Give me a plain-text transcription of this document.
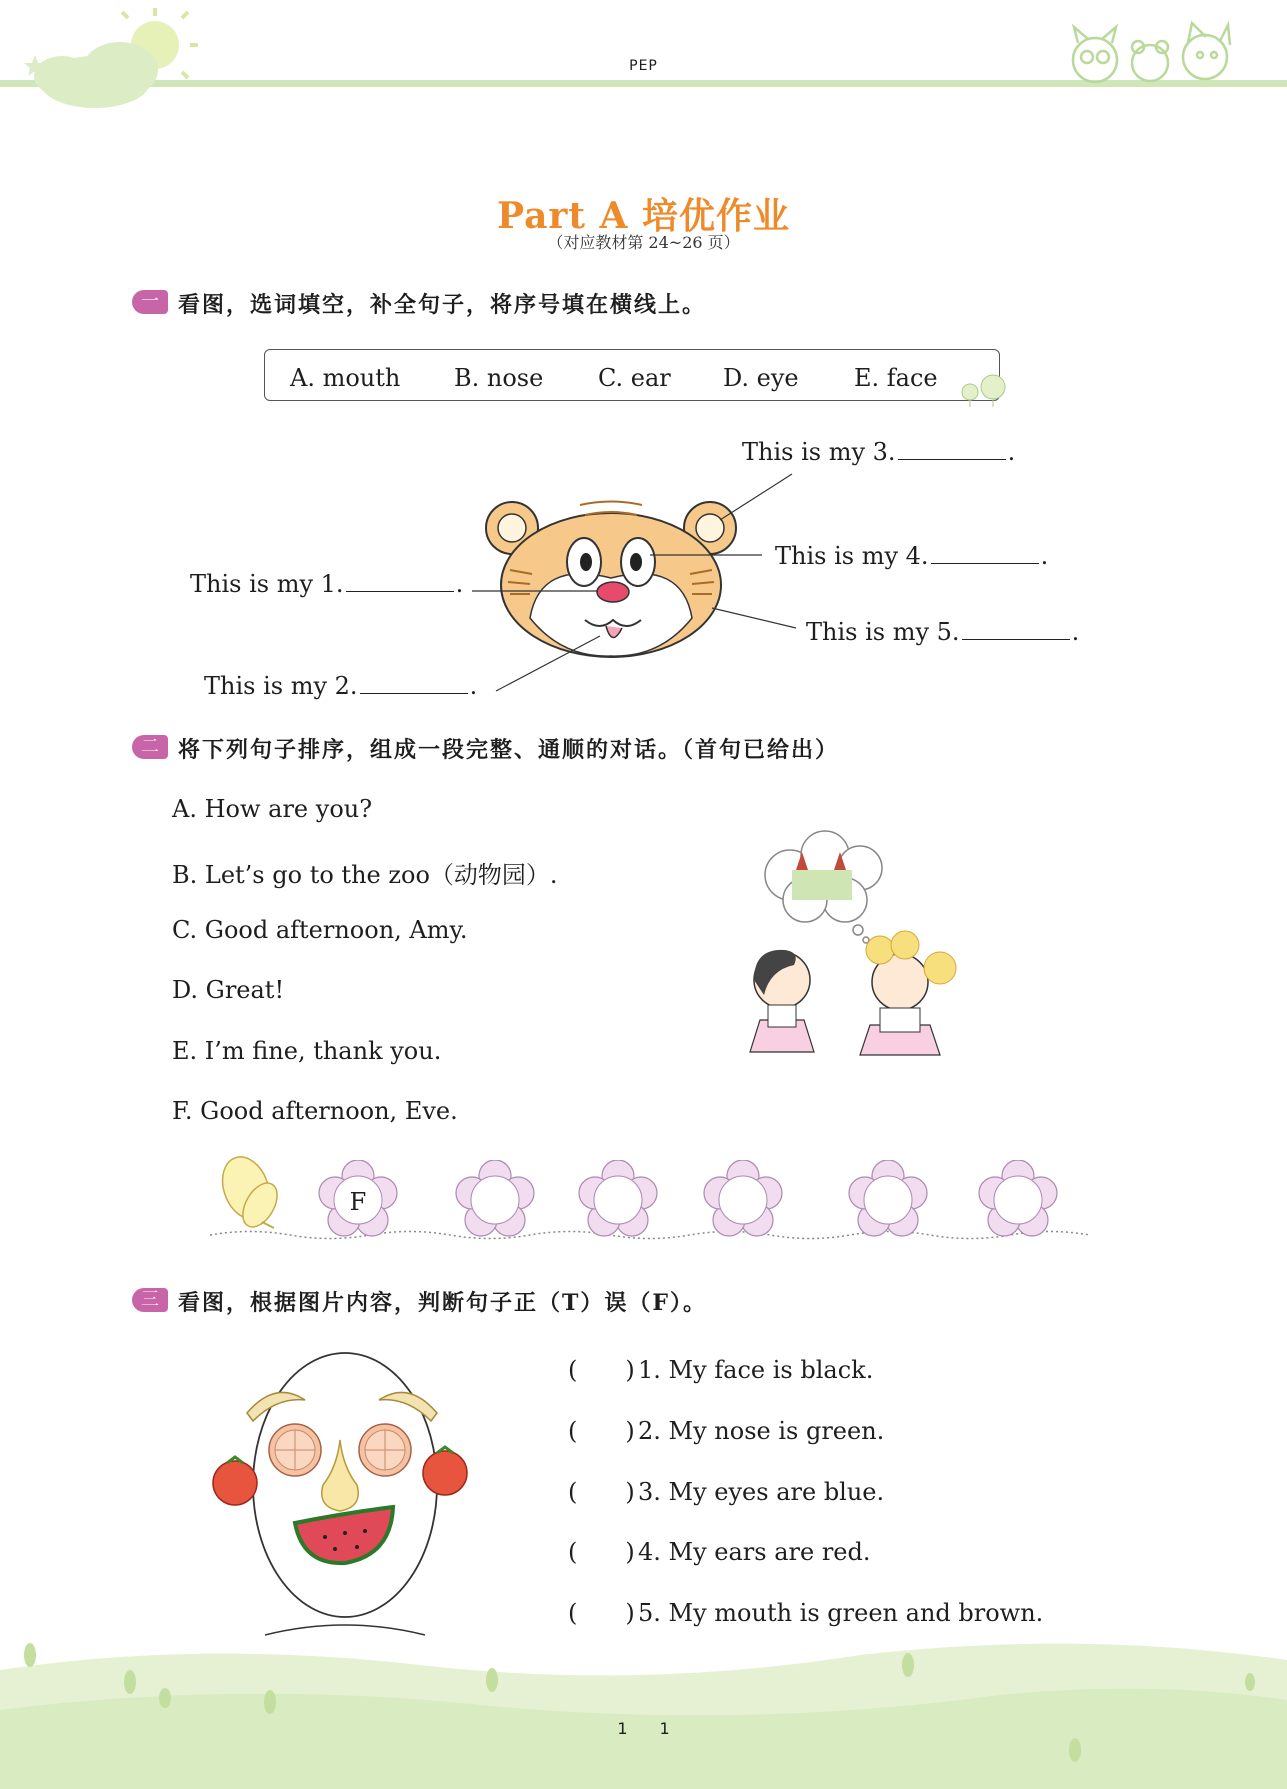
PEP
Part A 培优作业
（对应教材第 24~26 页）
一 看图，选词填空，补全句子，将序号填在横线上。
A. mouth B. nose C. ear D. eye E. face
This is my 1.	.
This is my 2.	.
This is my 3.	.
This is my 4.	.
This is my 5.	.
二 将下列句子排序，组成一段完整、通顺的对话。（首句已给出）
A. How are you?
B. Let’s go to the zoo（动物园）.
C. Good afternoon, Amy.
D. Great!
E. I’m fine, thank you.
F. Good afternoon, Eve.
F
三 看图，根据图片内容，判断句子正（T）误（F）。
(　　) 1. My face is black.
(　　) 2. My nose is green.
(　　) 3. My eyes are blue.
(　　) 4. My ears are red.
(　　) 5. My mouth is green and brown.
1　　1
